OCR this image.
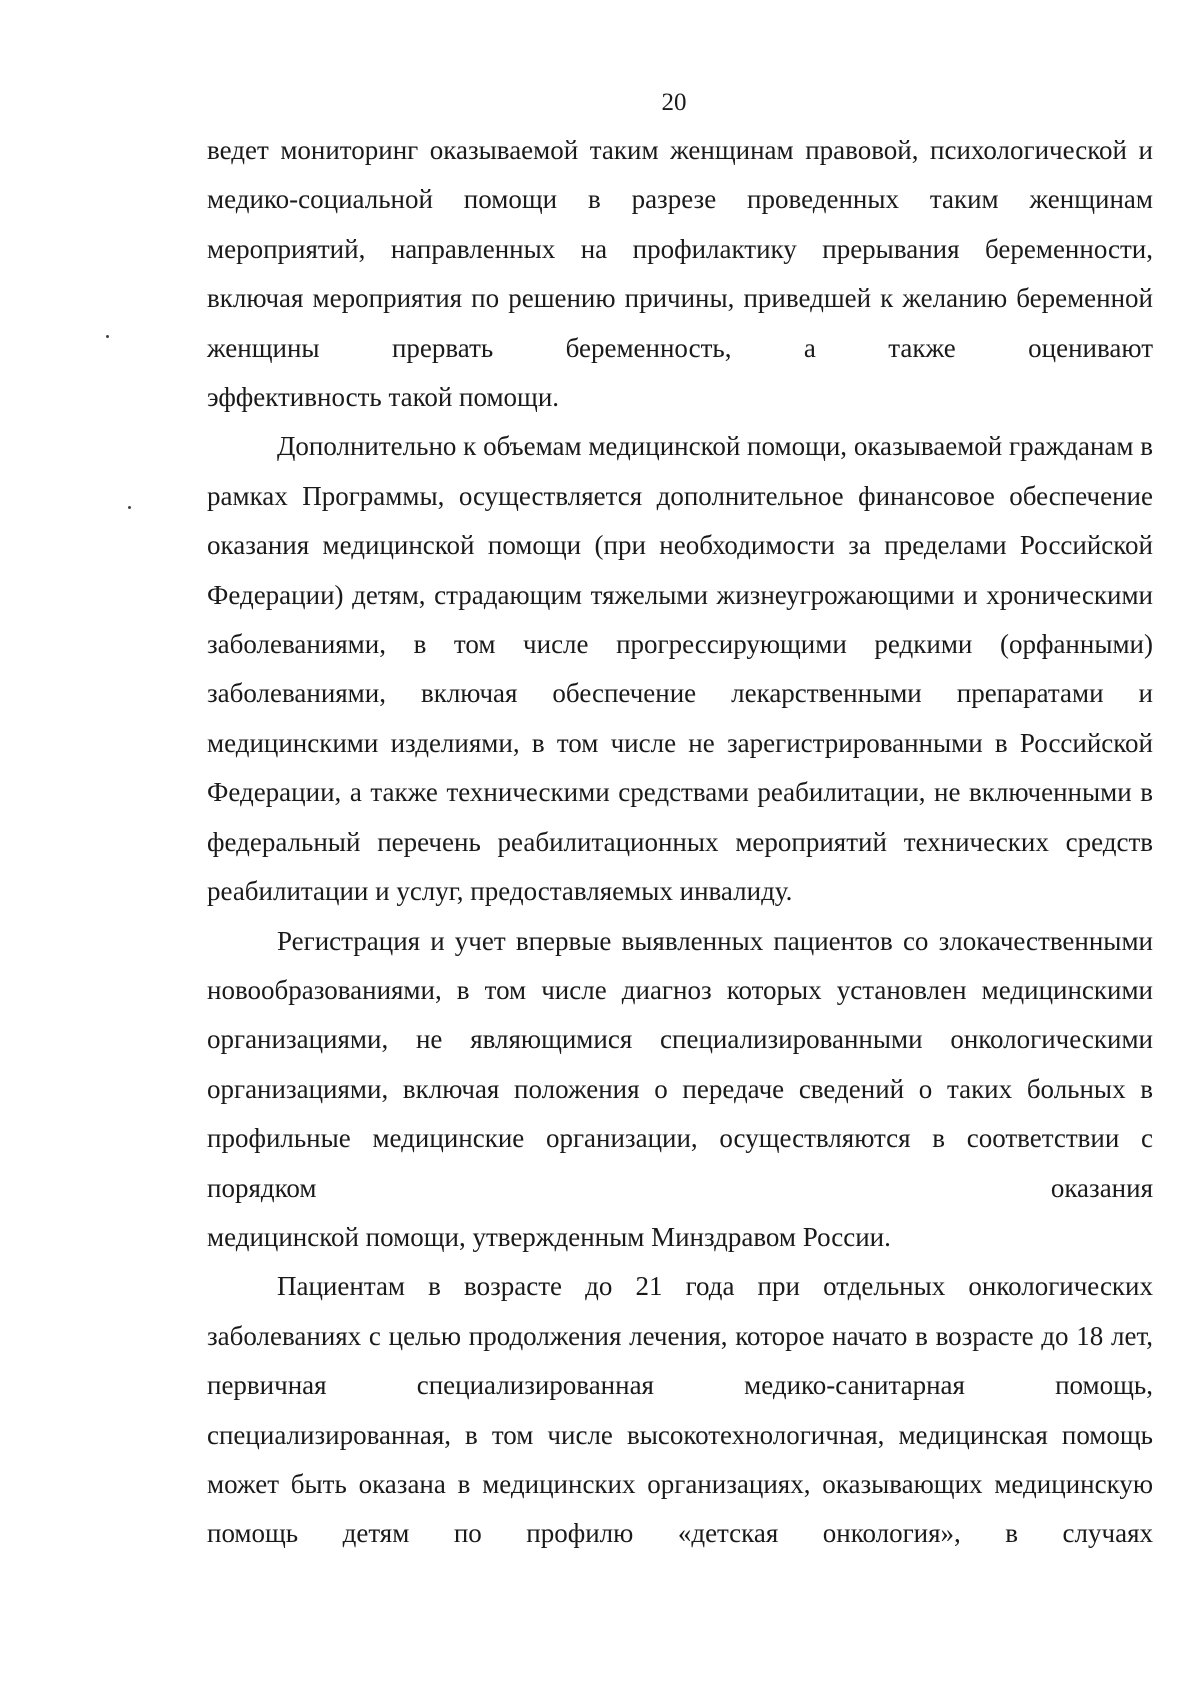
20

ведет мониторинг оказываемой таким женщинам правовой, психологической и медико-социальной помощи в разрезе проведенных таким женщинам мероприятий, направленных на профилактику прерывания беременности, включая мероприятия по решению причины, приведшей к желанию беременной женщины прервать беременность, а также оценивают
эффективность такой помощи.

Дополнительно к объемам медицинской помощи, оказываемой гражданам в рамках Программы, осуществляется дополнительное финансовое обеспечение оказания медицинской помощи (при необходимости за пределами Российской Федерации) детям, страдающим тяжелыми жизнеугрожающими и хроническими заболеваниями, в том числе прогрессирующими редкими (орфанными) заболеваниями, включая обеспечение лекарственными препаратами и медицинскими изделиями, в том числе не зарегистрированными в Российской Федерации, а также техническими средствами реабилитации, не включенными в федеральный перечень реабилитационных мероприятий технических средств
реабилитации и услуг, предоставляемых инвалиду.

Регистрация и учет впервые выявленных пациентов со злокачественными новообразованиями, в том числе диагноз которых установлен медицинскими организациями, не являющимися специализированными онкологическими организациями, включая положения о передаче сведений о таких больных в профильные медицинские организации, осуществляются в соответствии с порядком оказания
медицинской помощи, утвержденным Минздравом России.

Пациентам в возрасте до 21 года при отдельных онкологических заболеваниях с целью продолжения лечения, которое начато в возрасте до 18 лет, первичная специализированная медико-санитарная помощь, специализированная, в том числе высокотехнологичная, медицинская помощь может быть оказана в медицинских организациях, оказывающих медицинскую помощь детям по профилю «детская онкология», в случаях
